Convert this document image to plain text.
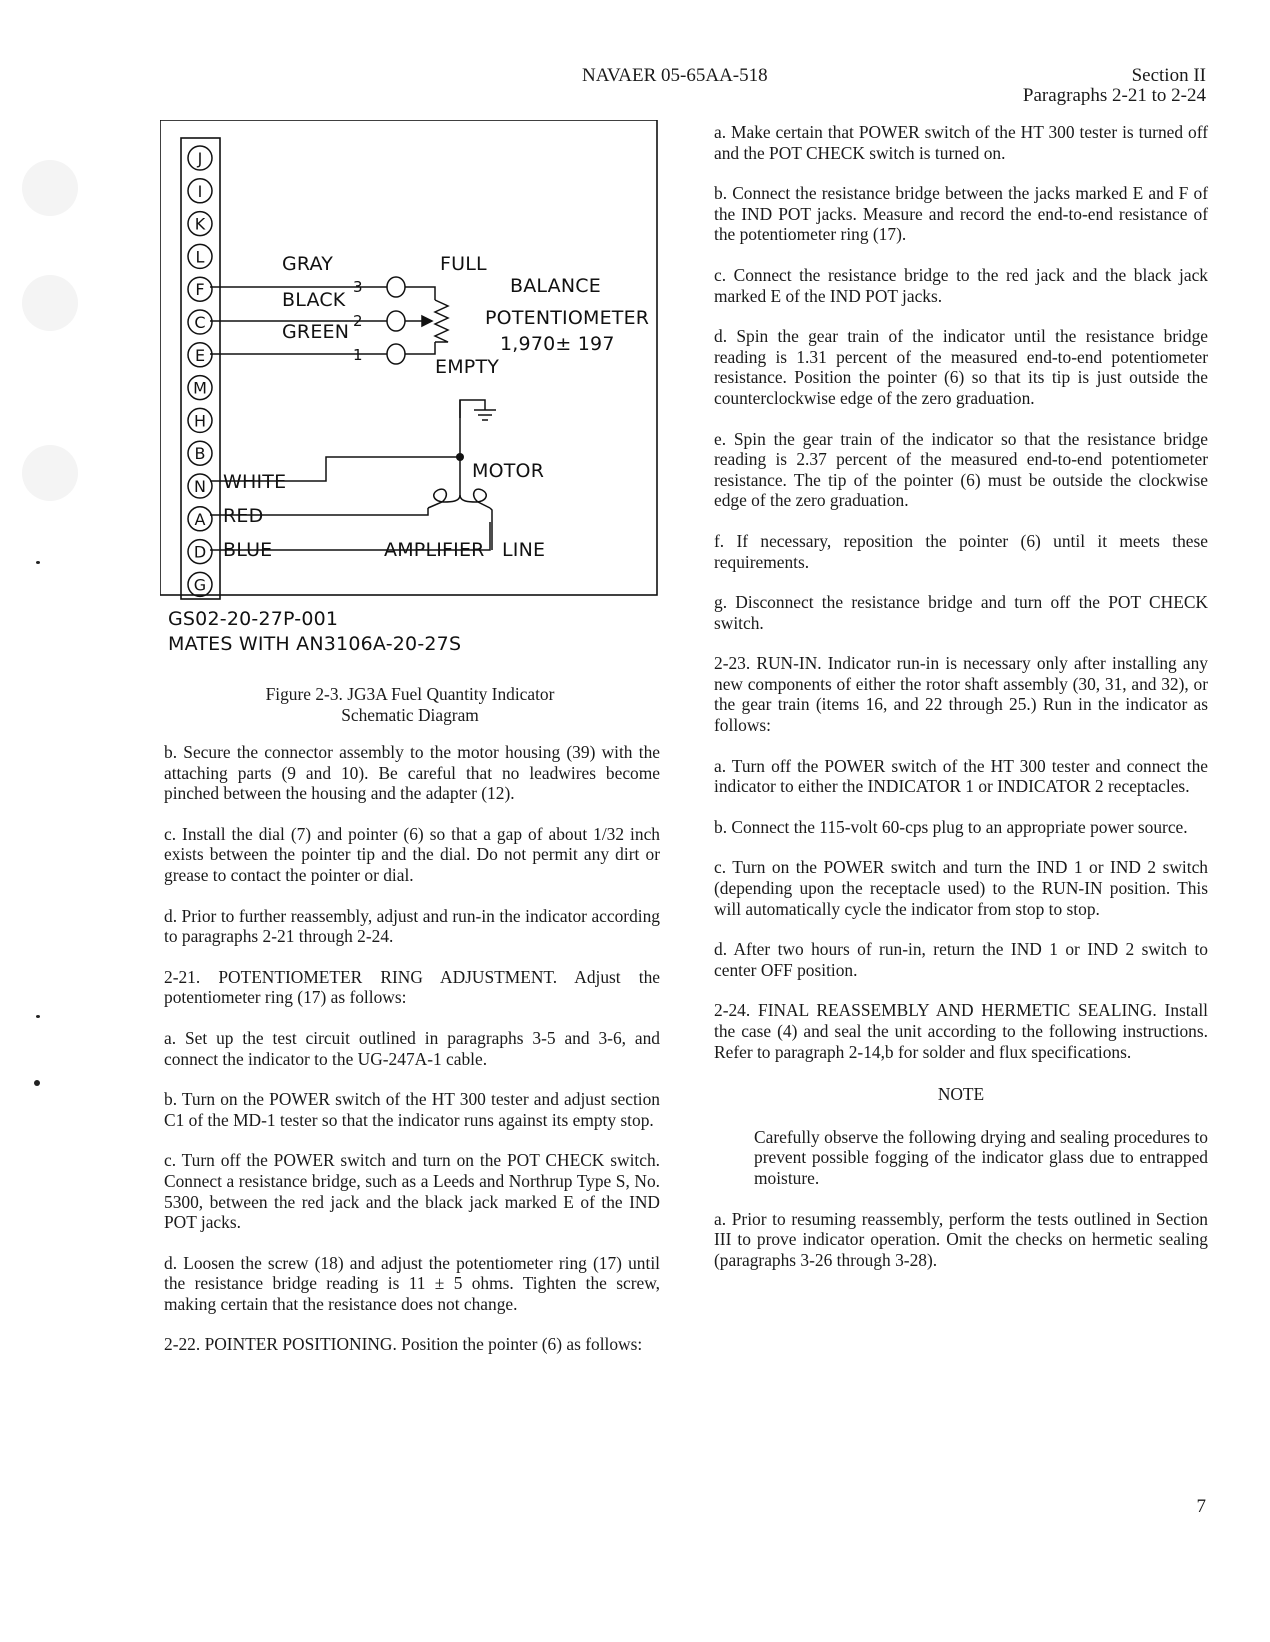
NAVAER 05-65AA-518	Section II
Paragraphs 2-21 to 2-24
J
I
K
L
F
C
E
M
H
B
N
A
D
G
GRAY
BLACK
GREEN
FULL
EMPTY
BALANCE
POTENTIOMETER
1,970± 197
MOTOR
WHITE
RED
BLUE	AMPLIFIER LINE
3
2
1
GS02-20-27P-001
MATES WITH AN3106A-20-27S
Figure 2-3. JG3A Fuel Quantity Indicator
Schematic Diagram

b. Secure the connector assembly to the motor housing (39) with the attaching parts (9 and 10). Be careful that no leadwires become pinched between the housing and the adapter (12).

c. Install the dial (7) and pointer (6) so that a gap of about 1/32 inch exists between the pointer tip and the dial. Do not permit any dirt or grease to contact the pointer or dial.

d. Prior to further reassembly, adjust and run-in the indicator according to paragraphs 2-21 through 2-24.

2-21. POTENTIOMETER RING ADJUSTMENT. Adjust the potentiometer ring (17) as follows:

a. Set up the test circuit outlined in paragraphs 3-5 and 3-6, and connect the indicator to the UG-247A-1 cable.

b. Turn on the POWER switch of the HT 300 tester and adjust section C1 of the MD-1 tester so that the indicator runs against its empty stop.

c. Turn off the POWER switch and turn on the POT CHECK switch. Connect a resistance bridge, such as a Leeds and Northrup Type S, No. 5300, between the red jack and the black jack marked E of the IND POT jacks.

d. Loosen the screw (18) and adjust the potentiometer ring (17) until the resistance bridge reading is 11 ± 5 ohms. Tighten the screw, making certain that the resistance does not change.

2-22. POINTER POSITIONING. Position the pointer (6) as follows:

a. Make certain that POWER switch of the HT 300 tester is turned off and the POT CHECK switch is turned on.

b. Connect the resistance bridge between the jacks marked E and F of the IND POT jacks. Measure and record the end-to-end resistance of the potentiometer ring (17).

c. Connect the resistance bridge to the red jack and the black jack marked E of the IND POT jacks.

d. Spin the gear train of the indicator until the resistance bridge reading is 1.31 percent of the measured end-to-end potentiometer resistance. Position the pointer (6) so that its tip is just outside the counterclockwise edge of the zero graduation.

e. Spin the gear train of the indicator so that the resistance bridge reading is 2.37 percent of the measured end-to-end potentiometer resistance. The tip of the pointer (6) must be outside the clockwise edge of the zero graduation.

f. If necessary, reposition the pointer (6) until it meets these requirements.

g. Disconnect the resistance bridge and turn off the POT CHECK switch.

2-23. RUN-IN. Indicator run-in is necessary only after installing any new components of either the rotor shaft assembly (30, 31, and 32), or the gear train (items 16, and 22 through 25.) Run in the indicator as follows:

a. Turn off the POWER switch of the HT 300 tester and connect the indicator to either the INDICATOR 1 or INDICATOR 2 receptacles.

b. Connect the 115-volt 60-cps plug to an appropriate power source.

c. Turn on the POWER switch and turn the IND 1 or IND 2 switch (depending upon the receptacle used) to the RUN-IN position. This will automatically cycle the indicator from stop to stop.

d. After two hours of run-in, return the IND 1 or IND 2 switch to center OFF position.

2-24. FINAL REASSEMBLY AND HERMETIC SEALING. Install the case (4) and seal the unit according to the following instructions. Refer to paragraph 2-14,b for solder and flux specifications.

NOTE

Carefully observe the following drying and sealing procedures to prevent possible fogging of the indicator glass due to entrapped moisture.

a. Prior to resuming reassembly, perform the tests outlined in Section III to prove indicator operation. Omit the checks on hermetic sealing (paragraphs 3-26 through 3-28).

7
